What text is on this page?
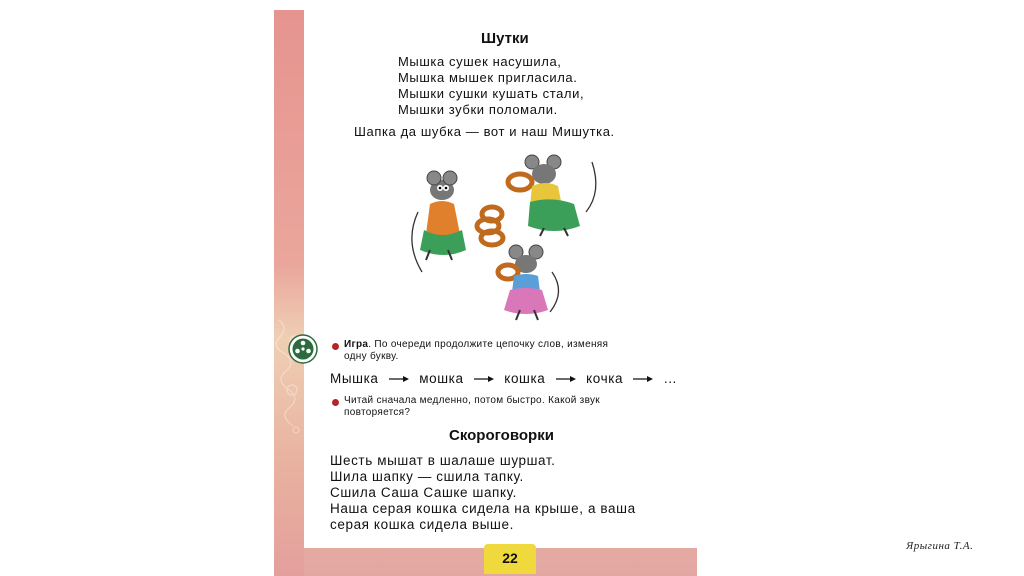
Шутки
Мышка сушек насушила,
Мышка мышек пригласила.
Мышки сушки кушать стали,
Мышки зубки поломали.
Шапка да шубка — вот и наш Мишутка.
Игра. По очереди продолжите цепочку слов, изменяя
одну букву.
Мышка	мошка	кошка	кочка	...
Читай сначала медленно, потом быстро. Какой звук
повторяется?
Скороговорки
Шесть мышат в шалаше шуршат.
Шила шапку — сшила тапку.
Сшила Саша Сашке шапку.
Наша серая кошка сидела на крыше, а ваша
серая кошка сидела выше.
22
Ярыгина Т.А.
